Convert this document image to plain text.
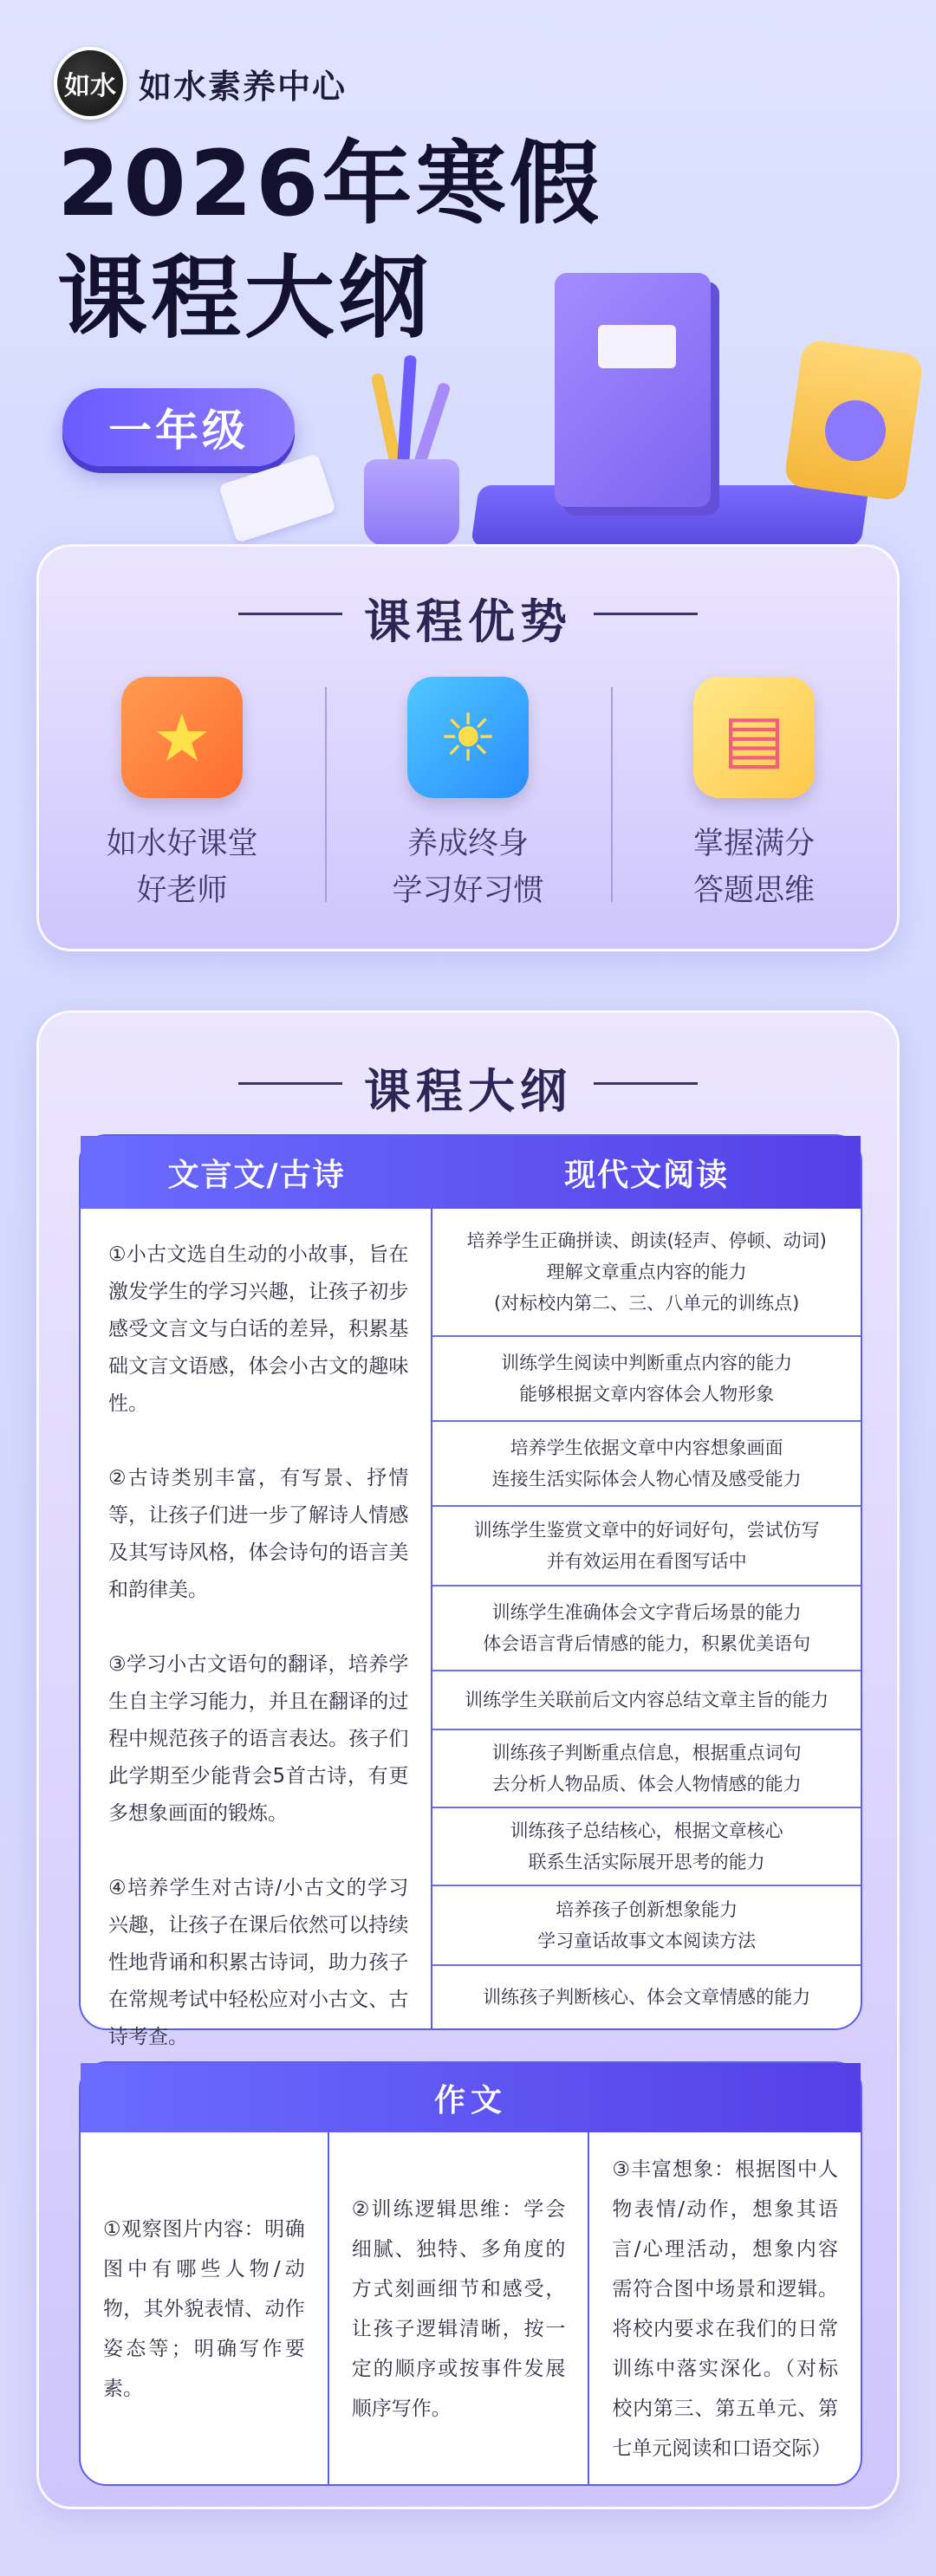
如水 如水素养中心
2026年寒假
课程大纲
一年级
课程优势
★
如水好课堂
好老师
☀
养成终身
学习好习惯
▤
掌握满分
答题思维
课程大纲
文言文/古诗	现代文阅读

①小古文选自生动的小故事，旨在激发学生的学习兴趣，让孩子初步感受文言文与白话的差异，积累基础文言文语感，体会小古文的趣味性。

②古诗类别丰富，有写景、抒情等，让孩子们进一步了解诗人情感及其写诗风格，体会诗句的语言美和韵律美。

③学习小古文语句的翻译，培养学生自主学习能力，并且在翻译的过程中规范孩子的语言表达。孩子们此学期至少能背会5首古诗，有更多想象画面的锻炼。

④培养学生对古诗/小古文的学习兴趣，让孩子在课后依然可以持续性地背诵和积累古诗词，助力孩子在常规考试中轻松应对小古文、古诗考查。

培养学生正确拼读、朗读(轻声、停顿、动词)
理解文章重点内容的能力
(对标校内第二、三、八单元的训练点)
训练学生阅读中判断重点内容的能力
能够根据文章内容体会人物形象
培养学生依据文章中内容想象画面
连接生活实际体会人物心情及感受能力
训练学生鉴赏文章中的好词好句，尝试仿写
并有效运用在看图写话中
训练学生准确体会文字背后场景的能力
体会语言背后情感的能力，积累优美语句
训练学生关联前后文内容总结文章主旨的能力
训练孩子判断重点信息，根据重点词句
去分析人物品质、体会人物情感的能力
训练孩子总结核心，根据文章核心
联系生活实际展开思考的能力
培养孩子创新想象能力
学习童话故事文本阅读方法
训练孩子判断核心、体会文章情感的能力
作文
①观察图片内容：明确图中有哪些人物/动物，其外貌表情、动作姿态等；明确写作要素。
②训练逻辑思维：学会细腻、独特、多角度的方式刻画细节和感受，让孩子逻辑清晰，按一定的顺序或按事件发展顺序写作。
③丰富想象：根据图中人物表情/动作，想象其语言/心理活动，想象内容需符合图中场景和逻辑。将校内要求在我们的日常训练中落实深化。（对标校内第三、第五单元、第七单元阅读和口语交际）
